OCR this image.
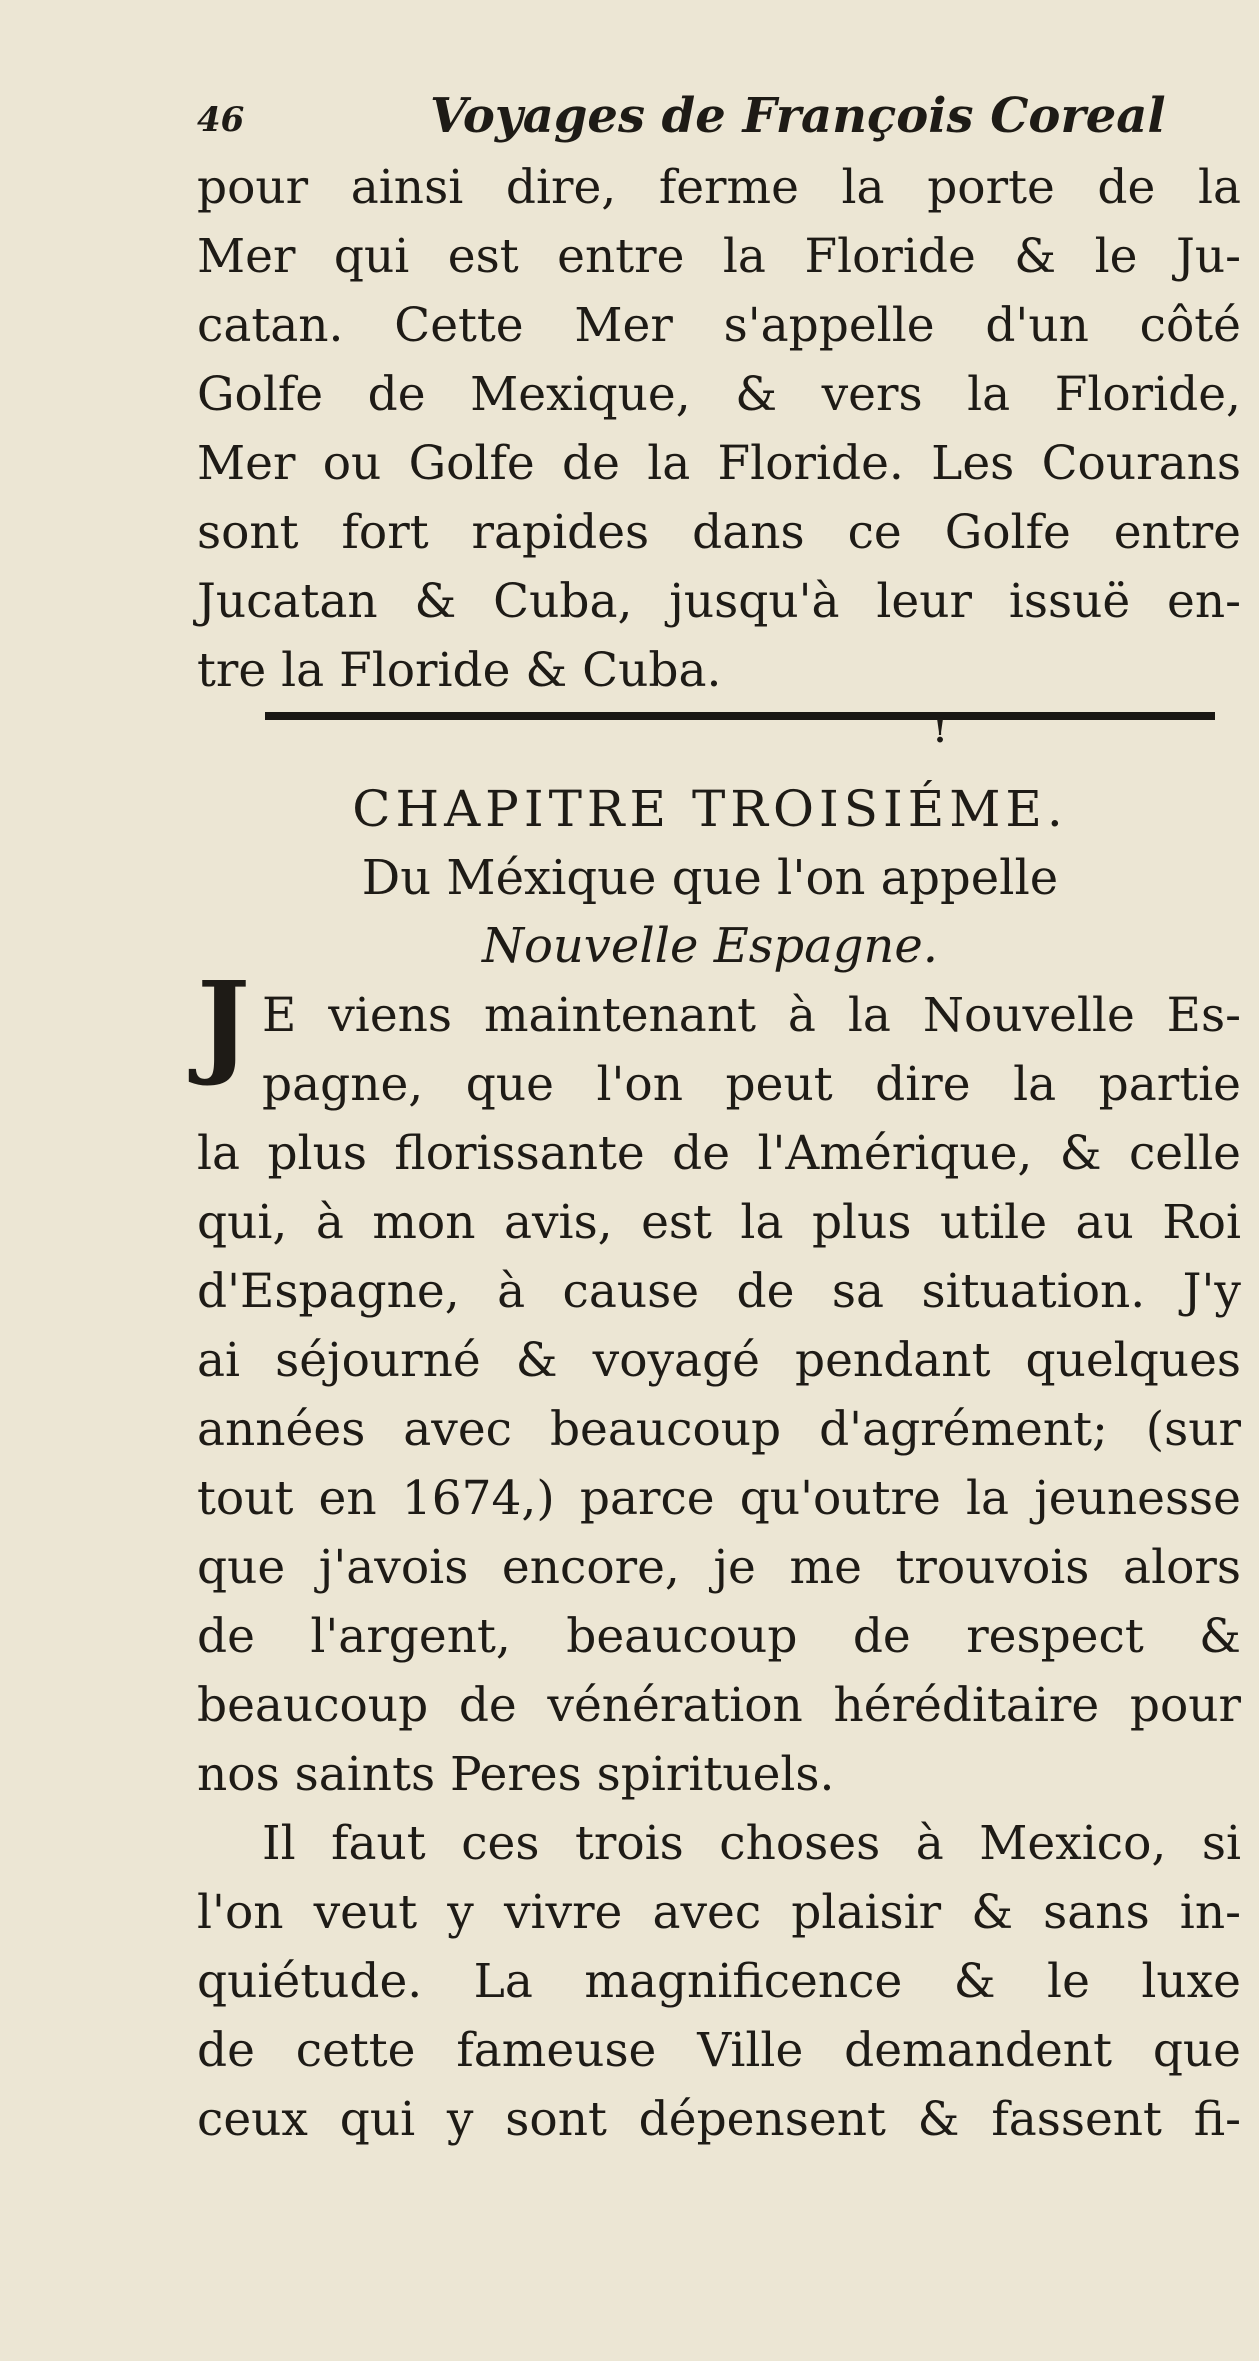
46	Voyages de François Coreal

pour ainsi dire, ferme la porte de la

Mer qui est entre la Floride & le Ju-

catan. Cette Mer s'appelle d'un côté

Golfe de Mexique, & vers la Floride,

Mer ou Golfe de la Floride. Les Courans

sont fort rapides dans ce Golfe entre

Jucatan & Cuba, jusqu'à leur issuë en-

tre la Floride & Cuba.

!
CHAPITRE TROISIÉME.
Du Méxique que l'on appelle
Nouvelle Espagne.
J E viens maintenant à la Nouvelle Es-

pagne, que l'on peut dire la partie

la plus florissante de l'Amérique, & celle

qui, à mon avis, est la plus utile au Roi

d'Espagne, à cause de sa situation. J'y

ai séjourné & voyagé pendant quelques

années avec beaucoup d'agrément; (sur

tout en 1674,) parce qu'outre la jeunesse

que j'avois encore, je me trouvois alors

de l'argent, beaucoup de respect &

beaucoup de vénération héréditaire pour

nos saints Peres spirituels.

Il faut ces trois choses à Mexico, si

l'on veut y vivre avec plaisir & sans in-

quiétude. La magnificence & le luxe

de cette fameuse Ville demandent que

ceux qui y sont dépensent & fassent fi-
